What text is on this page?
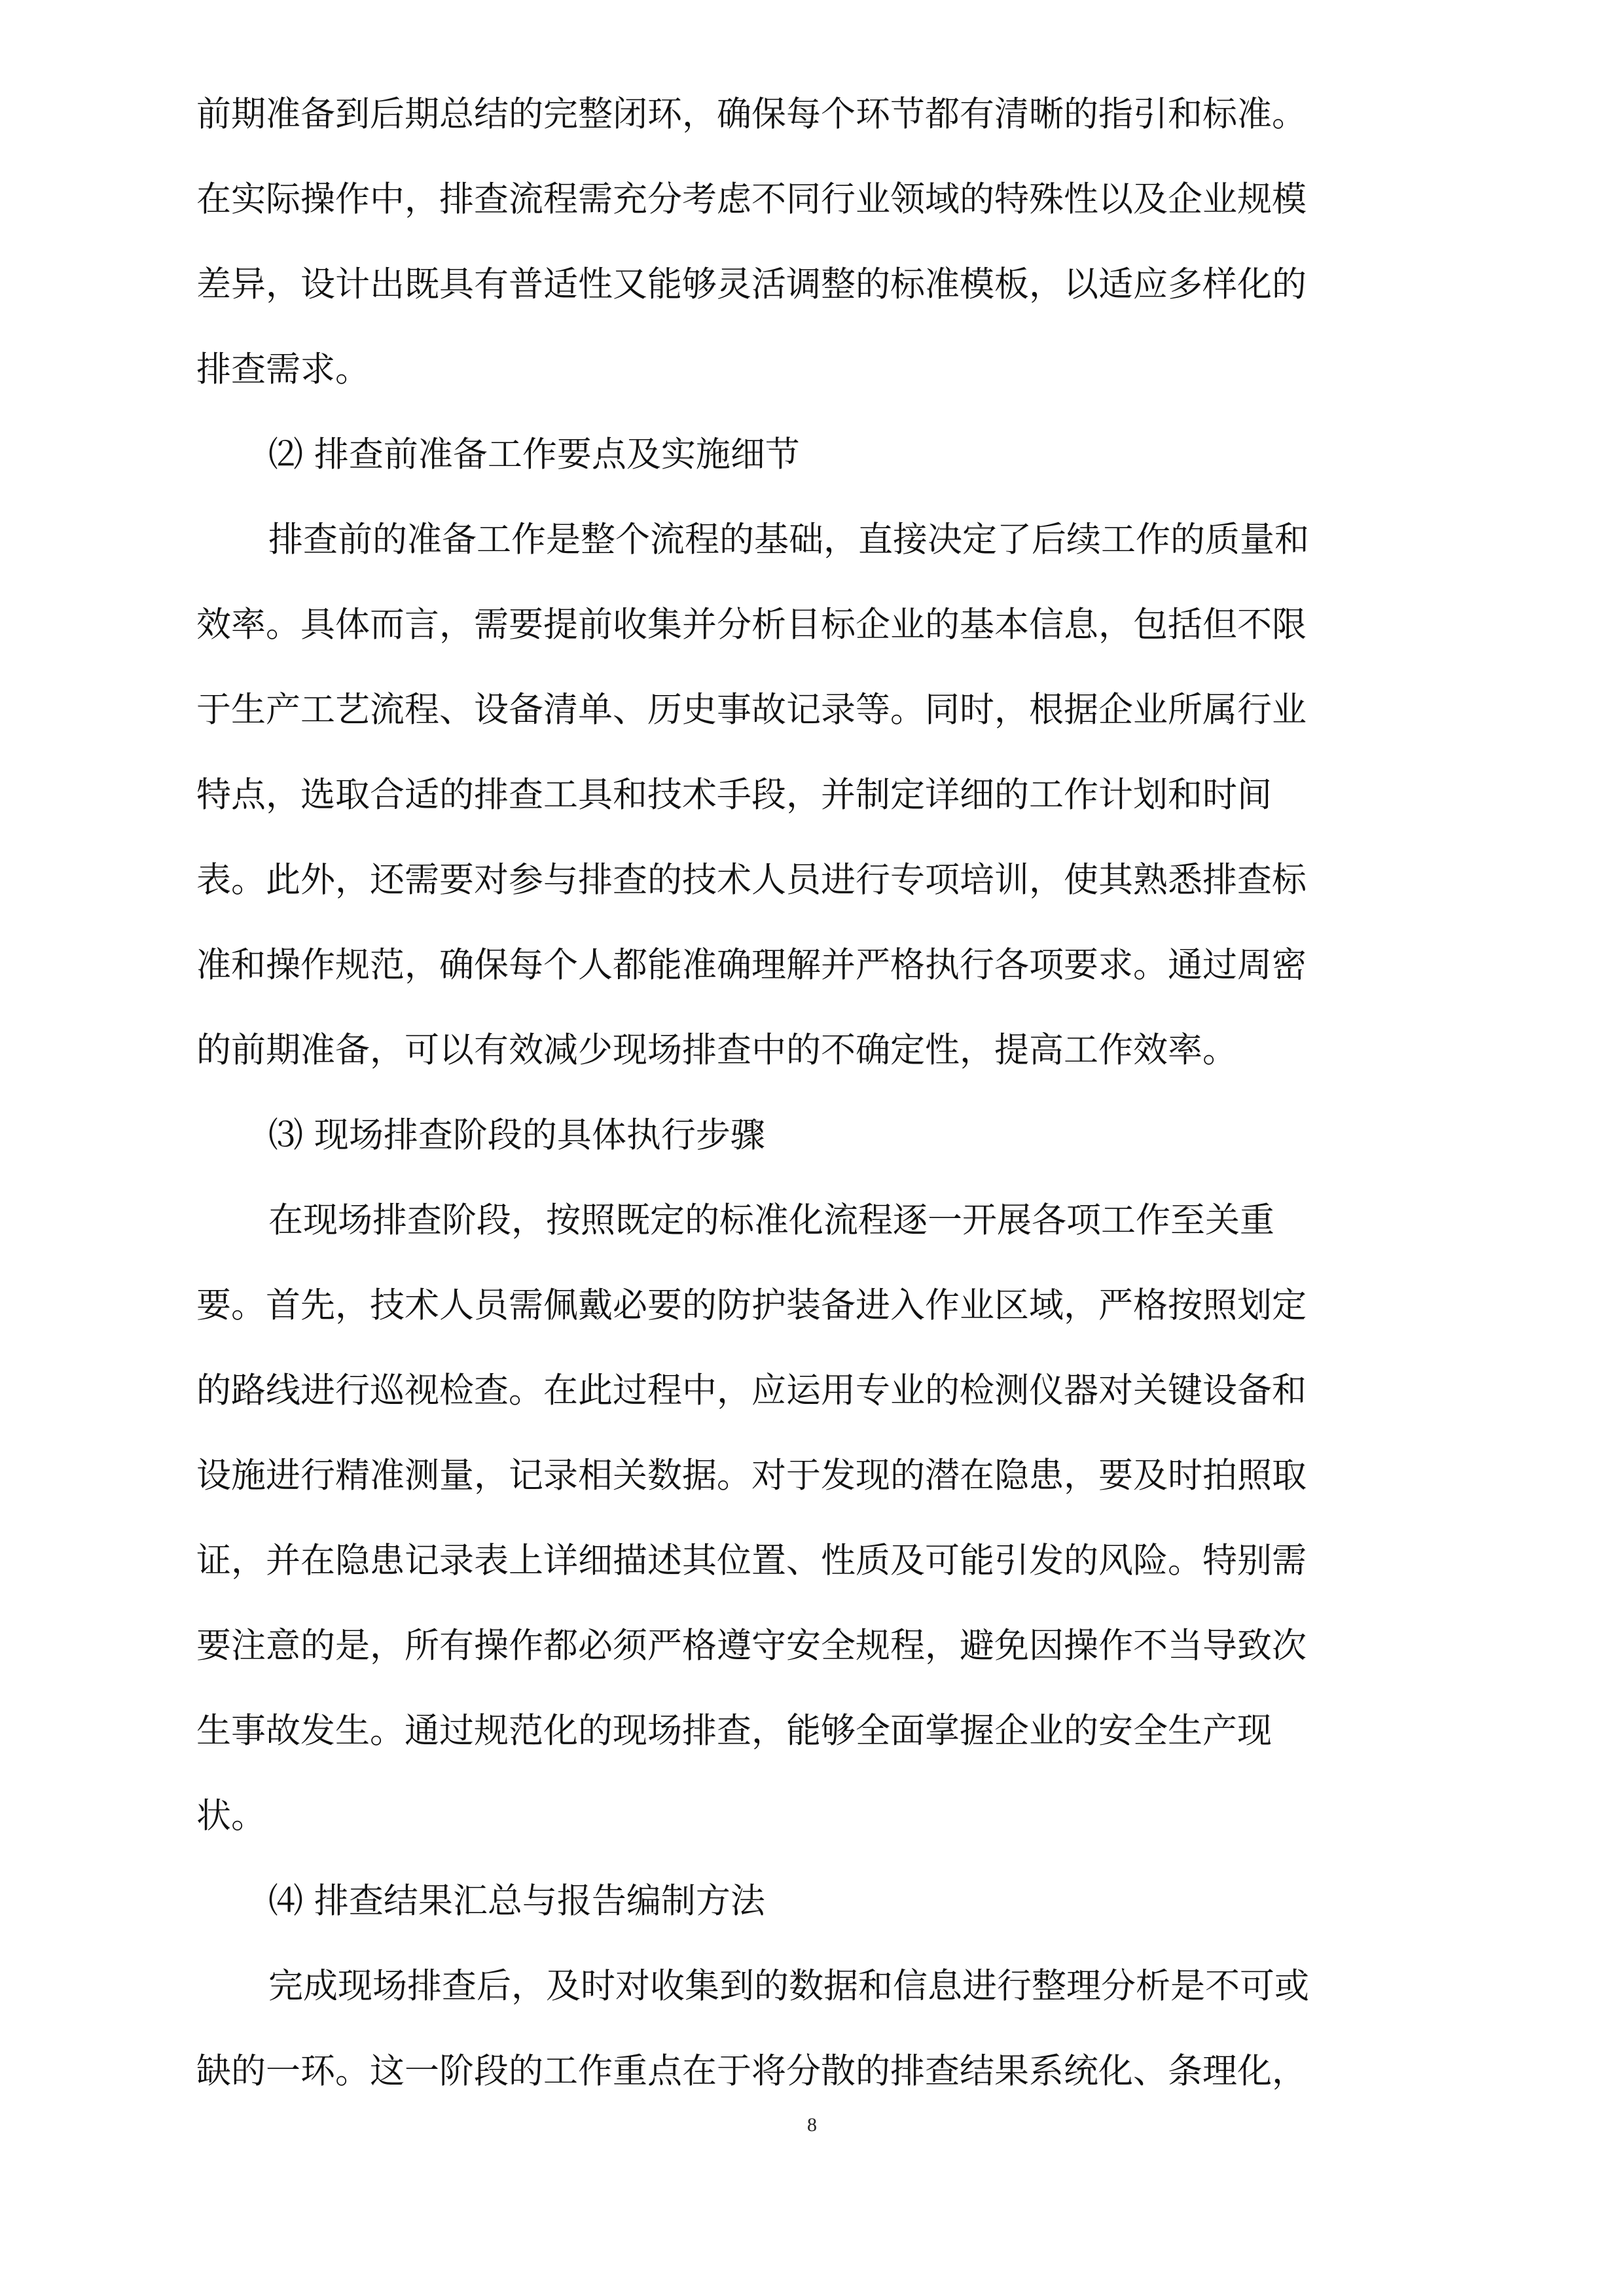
前期准备到后期总结的完整闭环，确保每个环节都有清晰的指引和标准。
在实际操作中，排查流程需充分考虑不同行业领域的特殊性以及企业规模
差异，设计出既具有普适性又能够灵活调整的标准模板，以适应多样化的
排查需求。
⑵ 排查前准备工作要点及实施细节
排查前的准备工作是整个流程的基础，直接决定了后续工作的质量和
效率。具体而言，需要提前收集并分析目标企业的基本信息，包括但不限
于生产工艺流程、设备清单、历史事故记录等。同时，根据企业所属行业
特点，选取合适的排查工具和技术手段，并制定详细的工作计划和时间
表。此外，还需要对参与排查的技术人员进行专项培训，使其熟悉排查标
准和操作规范，确保每个人都能准确理解并严格执行各项要求。通过周密
的前期准备，可以有效减少现场排查中的不确定性，提高工作效率。
⑶ 现场排查阶段的具体执行步骤
在现场排查阶段，按照既定的标准化流程逐一开展各项工作至关重
要。首先，技术人员需佩戴必要的防护装备进入作业区域，严格按照划定
的路线进行巡视检查。在此过程中，应运用专业的检测仪器对关键设备和
设施进行精准测量，记录相关数据。对于发现的潜在隐患，要及时拍照取
证，并在隐患记录表上详细描述其位置、性质及可能引发的风险。特别需
要注意的是，所有操作都必须严格遵守安全规程，避免因操作不当导致次
生事故发生。通过规范化的现场排查，能够全面掌握企业的安全生产现
状。
⑷ 排查结果汇总与报告编制方法
完成现场排查后，及时对收集到的数据和信息进行整理分析是不可或
缺的一环。这一阶段的工作重点在于将分散的排查结果系统化、条理化，
8
